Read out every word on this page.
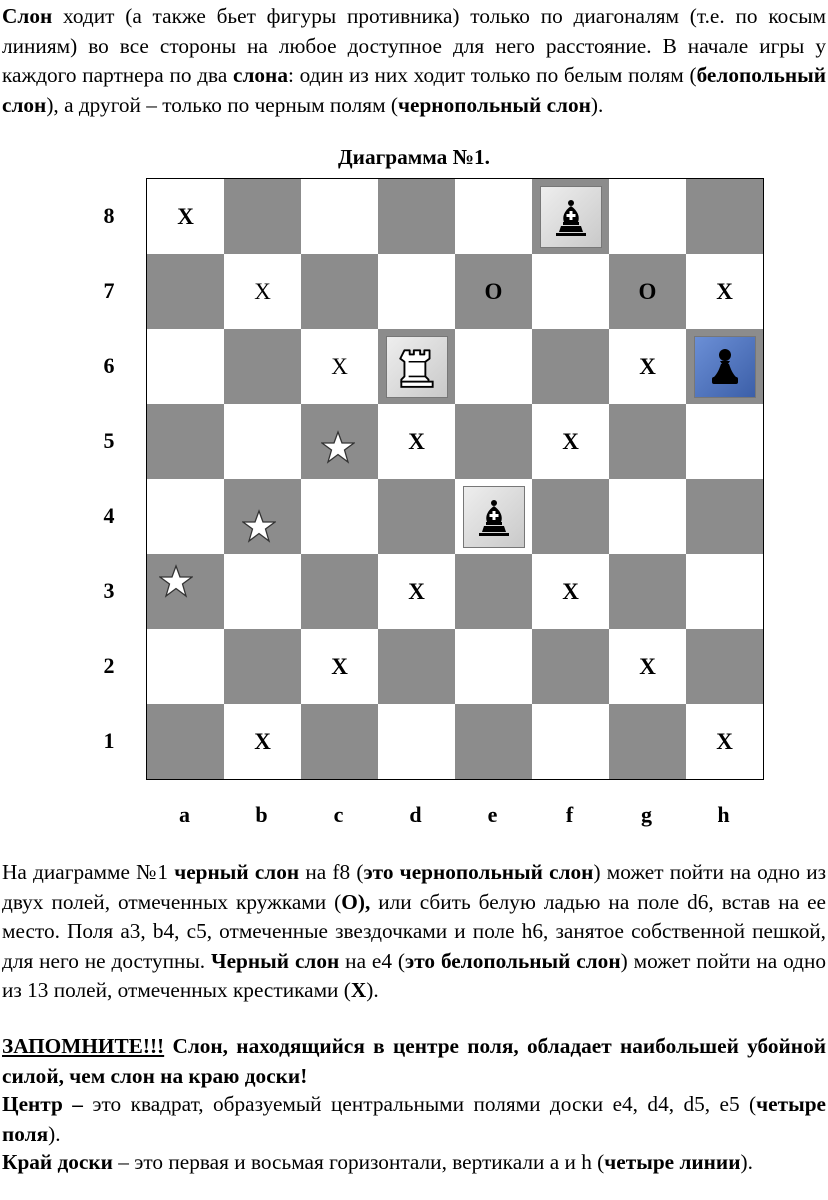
Слон ходит (а также бьет фигуры противника) только по диагоналям (т.е. по косым линиям) во все стороны на любое доступное для него расстояние. В начале игры у каждого партнера по два слона: один из них ходит только по белым полям (белопольный слон), а другой – только по черным полям (чернопольный слон).
Диаграмма №1.
X
X	O	O	X
X	X
X	X
X	X
X	X
X	X
8
7
6
5
4
3
2
1
a	b	c	d	e	f	g	h
На диаграмме №1 черный слон на f8 (это чернопольный слон) может пойти на одно из двух полей, отмеченных кружками (O), или сбить белую ладью на поле d6, встав на ее место. Поля a3, b4, c5, отмеченные звездочками и поле h6, занятое собственной пешкой, для него не доступны. Черный слон на e4 (это белопольный слон) может пойти на одно из 13 полей, отмеченных крестиками (X).
ЗАПОМНИТЕ!!! Слон, находящийся в центре поля, обладает наибольшей убойной силой, чем слон на краю доски!
Центр – это квадрат, образуемый центральными полями доски e4, d4, d5, e5 (четыре поля).
Край доски – это первая и восьмая горизонтали, вертикали a и h (четыре линии).
